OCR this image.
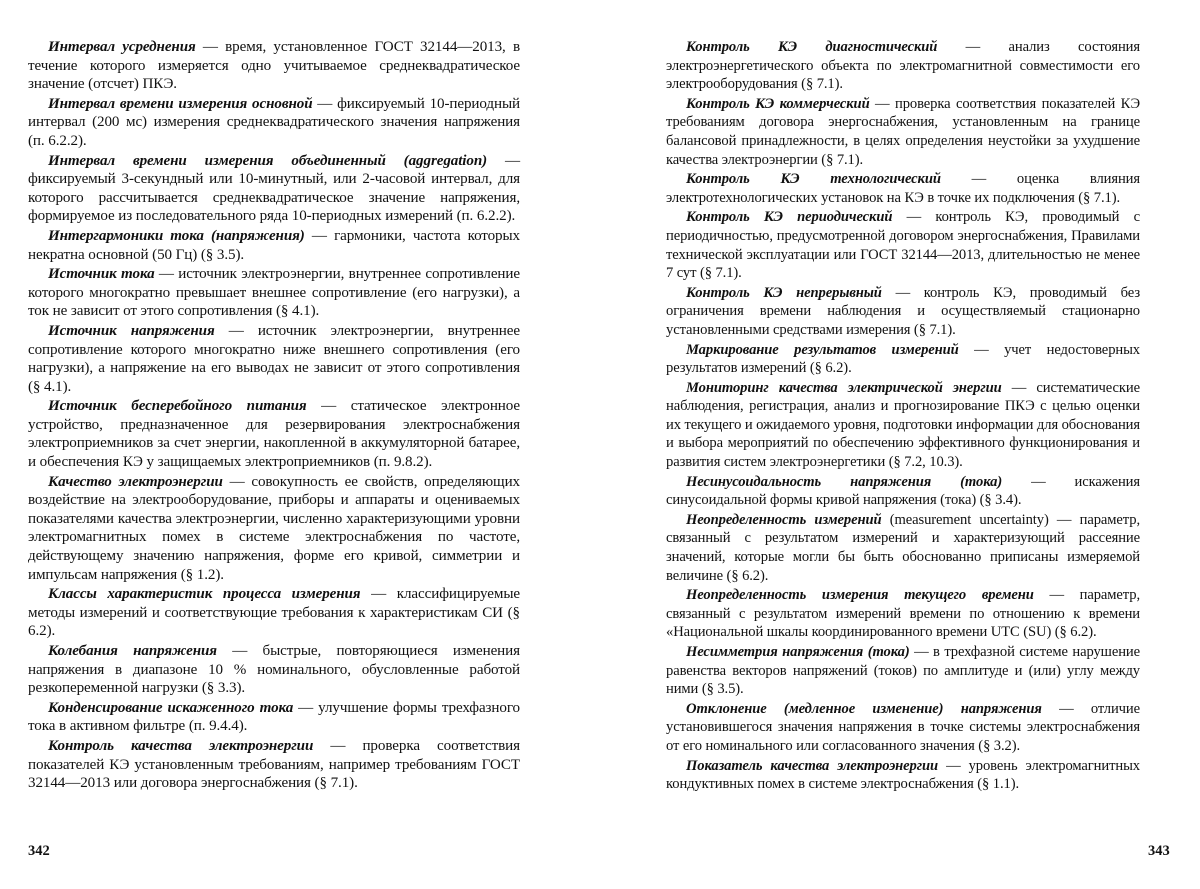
Интервал усреднения — время, установленное ГОСТ 32144—2013, в течение которого измеряется одно учитываемое среднеквадратическое значение (отсчет) ПКЭ.

Интервал времени измерения основной — фиксируемый 10-периодный интервал (200 мс) измерения среднеквадратического значения напряжения (п. 6.2.2).

Интервал времени измерения объединенный (aggregation) — фиксируемый 3-секундный или 10-минутный, или 2-часовой интервал, для которого рассчитывается среднеквадратическое значение напряжения, формируемое из последовательного ряда 10-периодных измерений (п. 6.2.2).

Интергармоники тока (напряжения) — гармоники, частота которых некратна основной (50 Гц) (§ 3.5).

Источник тока — источник электроэнергии, внутреннее сопротивление которого многократно превышает внешнее сопротивление (его нагрузки), а ток не зависит от этого сопротивления (§ 4.1).

Источник напряжения — источник электроэнергии, внутреннее сопротивление которого многократно ниже внешнего сопротивления (его нагрузки), а напряжение на его выводах не зависит от этого сопротивления (§ 4.1).

Источник бесперебойного питания — статическое электронное устройство, предназначенное для резервирования электроснабжения электроприемников за счет энергии, накопленной в аккумуляторной батарее, и обеспечения КЭ у защищаемых электроприемников (п. 9.8.2).

Качество электроэнергии — совокупность ее свойств, определяющих воздействие на электрооборудование, приборы и аппараты и оцениваемых показателями качества электроэнергии, численно характеризующими уровни электромагнитных помех в системе электроснабжения по частоте, действующему значению напряжения, форме его кривой, симметрии и импульсам напряжения (§ 1.2).

Классы характеристик процесса измерения — классифицируемые методы измерений и соответствующие требования к характеристикам СИ (§ 6.2).

Колебания напряжения — быстрые, повторяющиеся изменения напряжения в диапазоне 10 % номинального, обусловленные работой резкопеременной нагрузки (§ 3.3).

Конденсирование искаженного тока — улучшение формы трехфазного тока в активном фильтре (п. 9.4.4).

Контроль качества электроэнергии — проверка соответствия показателей КЭ установленным требованиям, например требованиям ГОСТ 32144—2013 или договора энергоснабжения (§ 7.1).

342

Контроль КЭ диагностический — анализ состояния электроэнергетического объекта по электромагнитной совместимости его электрооборудования (§ 7.1).

Контроль КЭ коммерческий — проверка соответствия показателей КЭ требованиям договора энергоснабжения, установленным на границе балансовой принадлежности, в целях определения неустойки за ухудшение качества электроэнергии (§ 7.1).

Контроль КЭ технологический — оценка влияния электротехнологических установок на КЭ в точке их подключения (§ 7.1).

Контроль КЭ периодический — контроль КЭ, проводимый с периодичностью, предусмотренной договором энергоснабжения, Правилами технической эксплуатации или ГОСТ 32144—2013, длительностью не менее 7 сут (§ 7.1).

Контроль КЭ непрерывный — контроль КЭ, проводимый без ограничения времени наблюдения и осуществляемый стационарно установленными средствами измерения (§ 7.1).

Маркирование результатов измерений — учет недостоверных результатов измерений (§ 6.2).

Мониторинг качества электрической энергии — систематические наблюдения, регистрация, анализ и прогнозирование ПКЭ с целью оценки их текущего и ожидаемого уровня, подготовки информации для обоснования и выбора мероприятий по обеспечению эффективного функционирования и развития систем электроэнергетики (§ 7.2, 10.3).

Несинусоидальность напряжения (тока) — искажения синусоидальной формы кривой напряжения (тока) (§ 3.4).

Неопределенность измерений (measurement uncertainty) — параметр, связанный с результатом измерений и характеризующий рассеяние значений, которые могли бы быть обоснованно приписаны измеряемой величине (§ 6.2).

Неопределенность измерения текущего времени — параметр, связанный с результатом измерений времени по отношению к времени «Национальной шкалы координированного времени UTC (SU) (§ 6.2).

Несимметрия напряжения (тока) — в трехфазной системе нарушение равенства векторов напряжений (токов) по амплитуде и (или) углу между ними (§ 3.5).

Отклонение (медленное изменение) напряжения — отличие установившегося значения напряжения в точке системы электроснабжения от его номинального или согласованного значения (§ 3.2).

Показатель качества электроэнергии — уровень электромагнитных кондуктивных помех в системе электроснабжения (§ 1.1).

343
